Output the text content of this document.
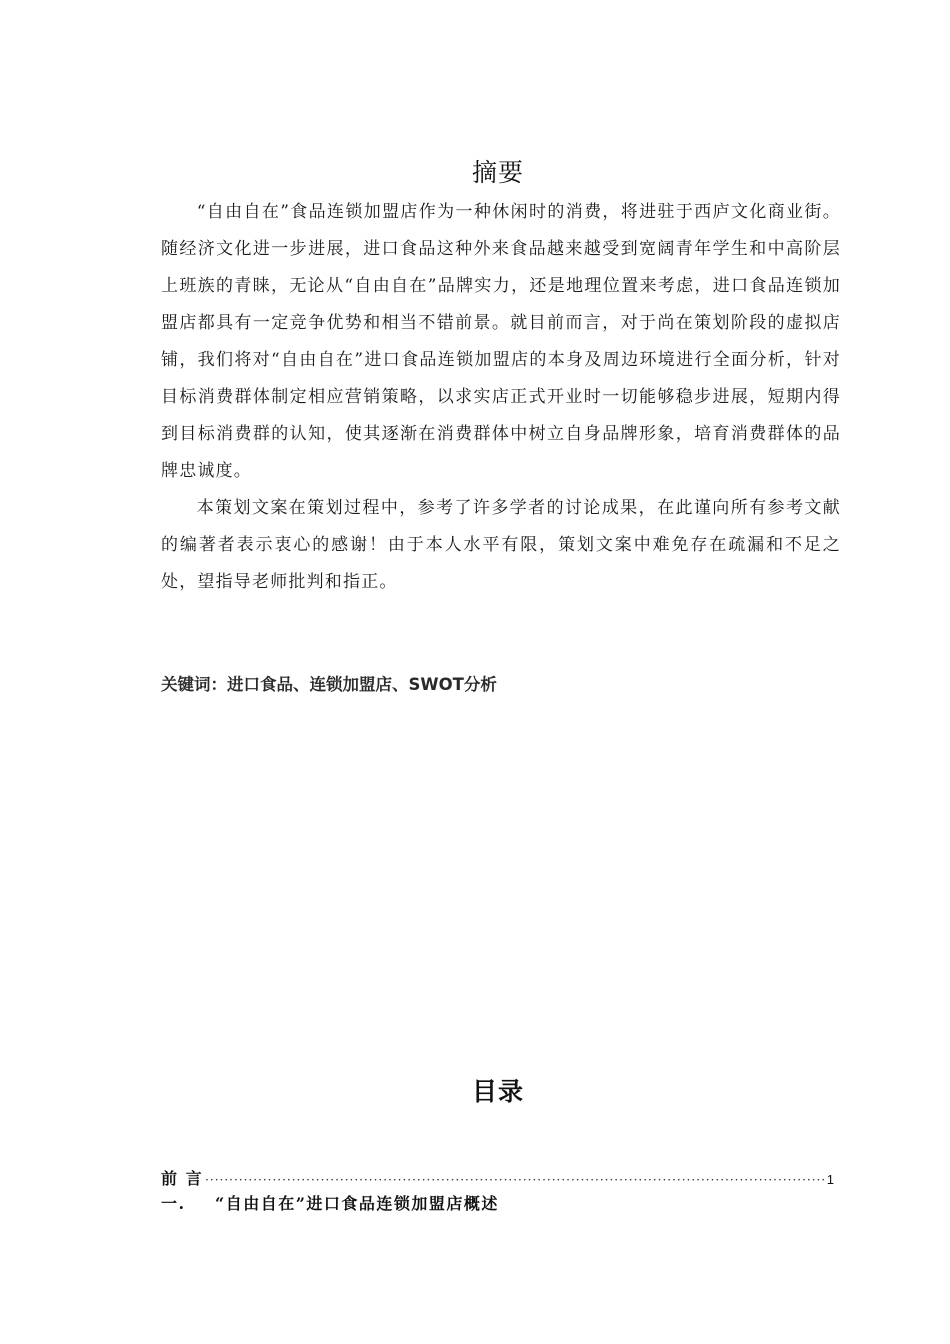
摘要

“自由自在”食品连锁加盟店作为一种休闲时的消费，将进驻于西庐文化商业街。随经济文化进一步进展，进口食品这种外来食品越来越受到宽阔青年学生和中高阶层上班族的青睐，无论从“自由自在”品牌实力，还是地理位置来考虑，进口食品连锁加盟店都具有一定竞争优势和相当不错前景。就目前而言，对于尚在策划阶段的虚拟店铺，我们将对“自由自在”进口食品连锁加盟店的本身及周边环境进行全面分析，针对目标消费群体制定相应营销策略，以求实店正式开业时一切能够稳步进展，短期内得到目标消费群的认知，使其逐渐在消费群体中树立自身品牌形象，培育消费群体的品牌忠诚度。

本策划文案在策划过程中，参考了许多学者的讨论成果，在此谨向所有参考文献的编著者表示衷心的感谢！由于本人水平有限，策划文案中难免存在疏漏和不足之处，望指导老师批判和指正。

关键词：进口食品、连锁加盟店、SWOT分析
目录
前 言
·····	1
一. “自由自在”进口食品连锁加盟店概述
